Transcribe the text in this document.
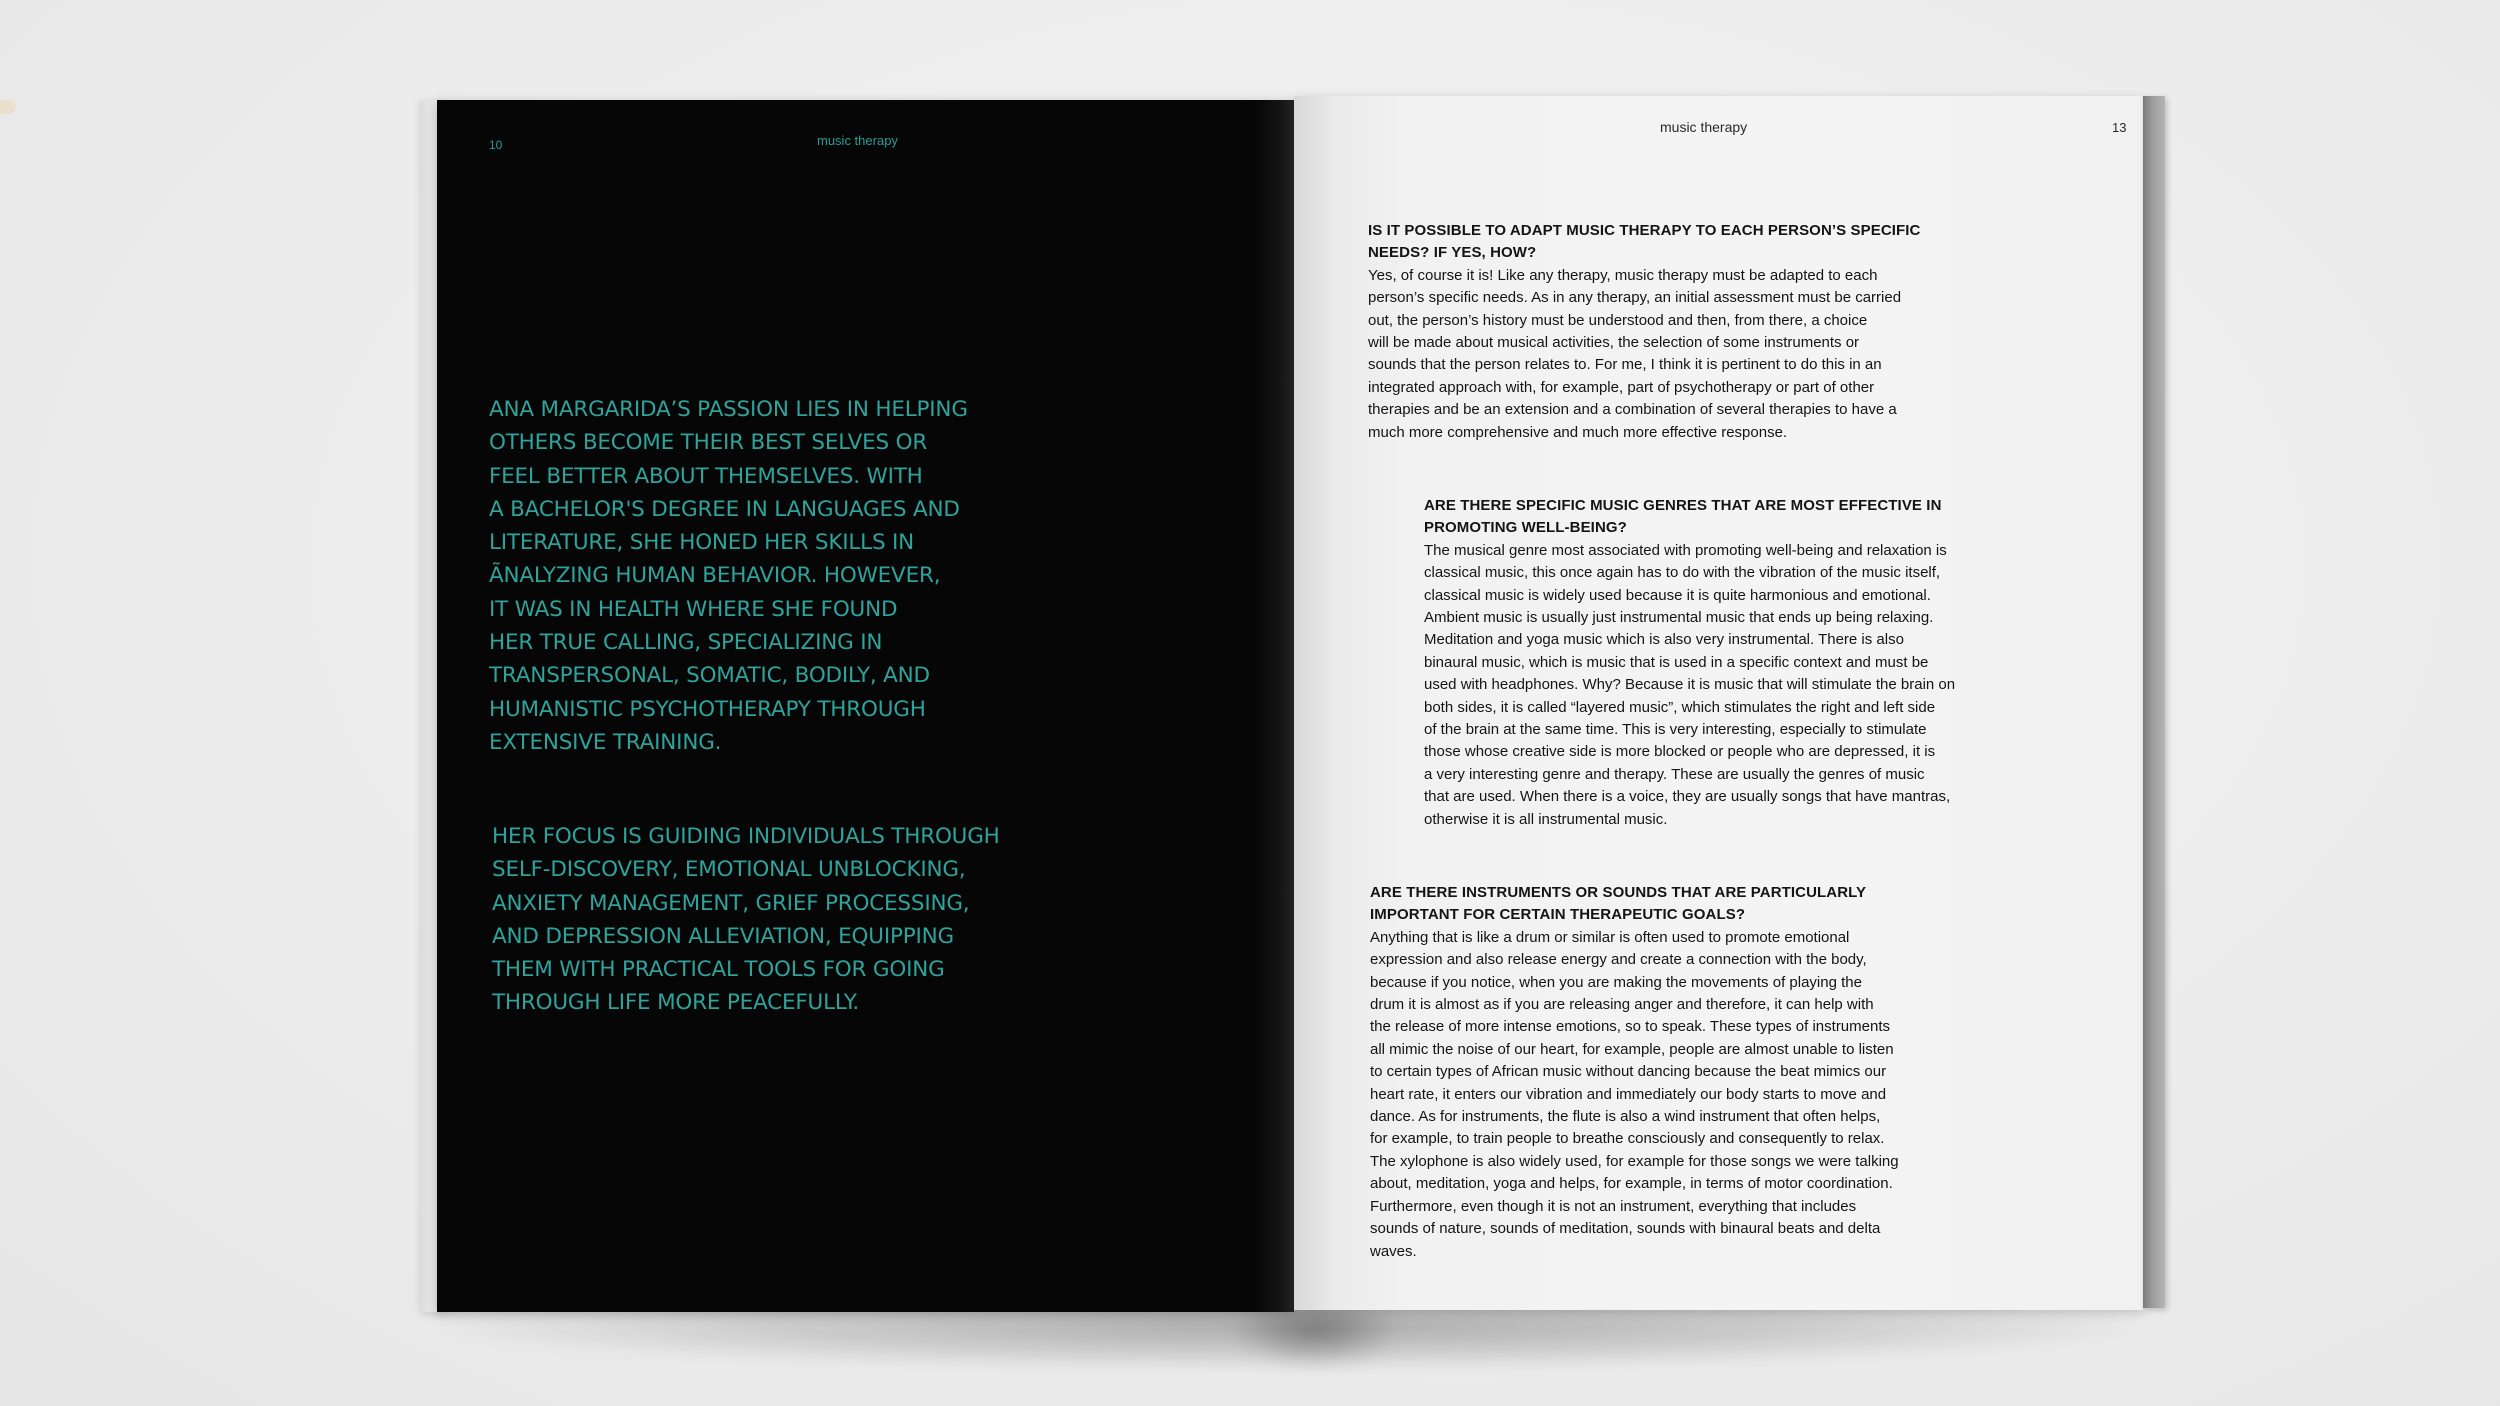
10	music therapy
ANA MARGARIDA’S PASSION LIES IN HELPING
OTHERS BECOME THEIR BEST SELVES OR
FEEL BETTER ABOUT THEMSELVES. WITH
A BACHELOR'S DEGREE IN LANGUAGES AND
LITERATURE, SHE HONED HER SKILLS IN
ÃNALYZING HUMAN BEHAVIOR. HOWEVER,
IT WAS IN HEALTH WHERE SHE FOUND
HER TRUE CALLING, SPECIALIZING IN
TRANSPERSONAL, SOMATIC, BODILY, AND
HUMANISTIC PSYCHOTHERAPY THROUGH
EXTENSIVE TRAINING.
HER FOCUS IS GUIDING INDIVIDUALS THROUGH
SELF-DISCOVERY, EMOTIONAL UNBLOCKING,
ANXIETY MANAGEMENT, GRIEF PROCESSING,
AND DEPRESSION ALLEVIATION, EQUIPPING
THEM WITH PRACTICAL TOOLS FOR GOING
THROUGH LIFE MORE PEACEFULLY.
music therapy	13
IS IT POSSIBLE TO ADAPT MUSIC THERAPY TO EACH PERSON’S SPECIFIC
NEEDS? IF YES, HOW?
Yes, of course it is! Like any therapy, music therapy must be adapted to each
person’s specific needs. As in any therapy, an initial assessment must be carried
out, the person’s history must be understood and then, from there, a choice
will be made about musical activities, the selection of some instruments or
sounds that the person relates to. For me, I think it is pertinent to do this in an
integrated approach with, for example, part of psychotherapy or part of other
therapies and be an extension and a combination of several therapies to have a
much more comprehensive and much more effective response.
ARE THERE SPECIFIC MUSIC GENRES THAT ARE MOST EFFECTIVE IN
PROMOTING WELL-BEING?
The musical genre most associated with promoting well-being and relaxation is
classical music, this once again has to do with the vibration of the music itself,
classical music is widely used because it is quite harmonious and emotional.
Ambient music is usually just instrumental music that ends up being relaxing.
Meditation and yoga music which is also very instrumental. There is also
binaural music, which is music that is used in a specific context and must be
used with headphones. Why? Because it is music that will stimulate the brain on
both sides, it is called “layered music”, which stimulates the right and left side
of the brain at the same time. This is very interesting, especially to stimulate
those whose creative side is more blocked or people who are depressed, it is
a very interesting genre and therapy. These are usually the genres of music
that are used. When there is a voice, they are usually songs that have mantras,
otherwise it is all instrumental music.
ARE THERE INSTRUMENTS OR SOUNDS THAT ARE PARTICULARLY
IMPORTANT FOR CERTAIN THERAPEUTIC GOALS?
Anything that is like a drum or similar is often used to promote emotional
expression and also release energy and create a connection with the body,
because if you notice, when you are making the movements of playing the
drum it is almost as if you are releasing anger and therefore, it can help with
the release of more intense emotions, so to speak. These types of instruments
all mimic the noise of our heart, for example, people are almost unable to listen
to certain types of African music without dancing because the beat mimics our
heart rate, it enters our vibration and immediately our body starts to move and
dance. As for instruments, the flute is also a wind instrument that often helps,
for example, to train people to breathe consciously and consequently to relax.
The xylophone is also widely used, for example for those songs we were talking
about, meditation, yoga and helps, for example, in terms of motor coordination.
Furthermore, even though it is not an instrument, everything that includes
sounds of nature, sounds of meditation, sounds with binaural beats and delta
waves.
